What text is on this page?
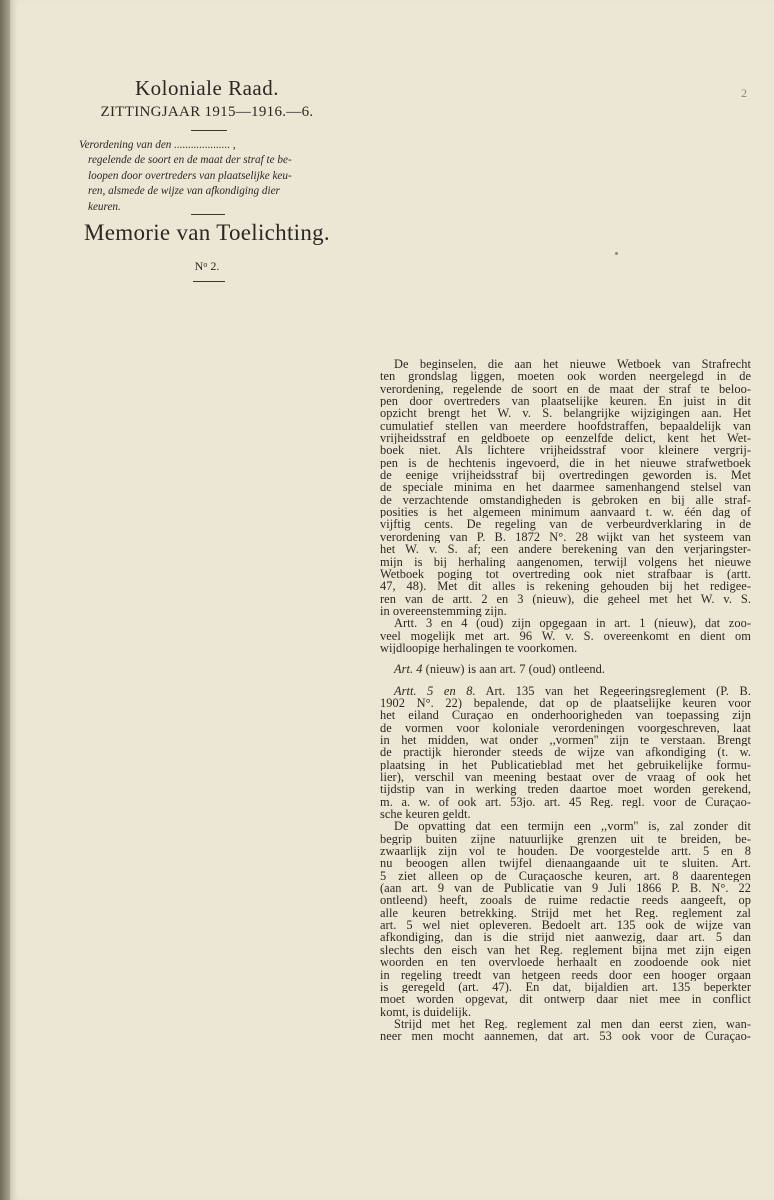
2
Koloniale Raad.
ZITTINGJAAR 1915—1916.—6.
Verordening van den .................... ,
regelende de soort en de maat der straf te be-
loopen door overtreders van plaatselijke keu-
ren, alsmede de wijze van afkondiging dier
keuren.
Memorie van Toelichting.
$N^o$ 2.
De beginselen, die aan het nieuwe Wetboek van Strafrecht
ten grondslag liggen, moeten ook worden neergelegd in de
verordening, regelende de soort en de maat der straf te beloo-
pen door overtreders van plaatselijke keuren. En juist in dit
opzicht brengt het W. v. S. belangrijke wijzigingen aan. Het
cumulatief stellen van meerdere hoofdstraffen, bepaaldelijk van
vrijheidsstraf en geldboete op eenzelfde delict, kent het Wet-
boek niet. Als lichtere vrijheidsstraf voor kleinere vergrij-
pen is de hechtenis ingevoerd, die in het nieuwe strafwetboek
de eenige vrijheidsstraf bij overtredingen geworden is. Met
de speciale minima en het daarmee samenhangend stelsel van
de verzachtende omstandigheden is gebroken en bij alle straf-
posities is het algemeen minimum aanvaard t. w. één dag of
vijftig cents. De regeling van de verbeurdverklaring in de
verordening van P. B. 1872 N°. 28 wijkt van het systeem van
het W. v. S. af; een andere berekening van den verjaringster-
mijn is bij herhaling aangenomen, terwijl volgens het nieuwe
Wetboek poging tot overtreding ook niet strafbaar is (artt.
47, 48). Met dit alles is rekening gehouden bij het redigee-
ren van de artt. 2 en 3 (nieuw), die geheel met het W. v. S.
in overeenstemming zijn.
Artt. 3 en 4 (oud) zijn opgegaan in art. 1 (nieuw), dat zoo-
veel mogelijk met art. 96 W. v. S. overeenkomt en dient om
wijdloopige herhalingen te voorkomen.
Art. 4 (nieuw) is aan art. 7 (oud) ontleend.
Artt. 5 en 8. Art. 135 van het Regeeringsreglement (P. B.
1902 N°. 22) bepalende, dat op de plaatselijke keuren voor
het eiland Curaçao en onderhoorigheden van toepassing zijn
de vormen voor koloniale verordeningen voorgeschreven, laat
in het midden, wat onder ,,vormen'' zijn te verstaan. Brengt
de practijk hieronder steeds de wijze van afkondiging (t. w.
plaatsing in het Publicatieblad met het gebruikelijke formu-
lier), verschil van meening bestaat over de vraag of ook het
tijdstip van in werking treden daartoe moet worden gerekend,
m. a. w. of ook art. 53jo. art. 45 Reg. regl. voor de Curaçao-
sche keuren geldt.
De opvatting dat een termijn een ,,vorm'' is, zal zonder dit
begrip buiten zijne natuurlijke grenzen uit te breiden, be-
zwaarlijk zijn vol te houden. De voorgestelde artt. 5 en 8
nu beoogen allen twijfel dienaangaande uit te sluiten. Art.
5 ziet alleen op de Curaçaosche keuren, art. 8 daarentegen
(aan art. 9 van de Publicatie van 9 Juli 1866 P. B. N°. 22
ontleend) heeft, zooals de ruime redactie reeds aangeeft, op
alle keuren betrekking. Strijd met het Reg. reglement zal
art. 5 wel niet opleveren. Bedoelt art. 135 ook de wijze van
afkondiging, dan is die strijd niet aanwezig, daar art. 5 dan
slechts den eisch van het Reg. reglement bijna met zijn eigen
woorden en ten overvloede herhaalt en zoodoende ook niet
in regeling treedt van hetgeen reeds door een hooger orgaan
is geregeld (art. 47). En dat, bijaldien art. 135 beperkter
moet worden opgevat, dit ontwerp daar niet mee in conflict
komt, is duidelijk.
Strijd met het Reg. reglement zal men dan eerst zien, wan-
neer men mocht aannemen, dat art. 53 ook voor de Curaçao-
